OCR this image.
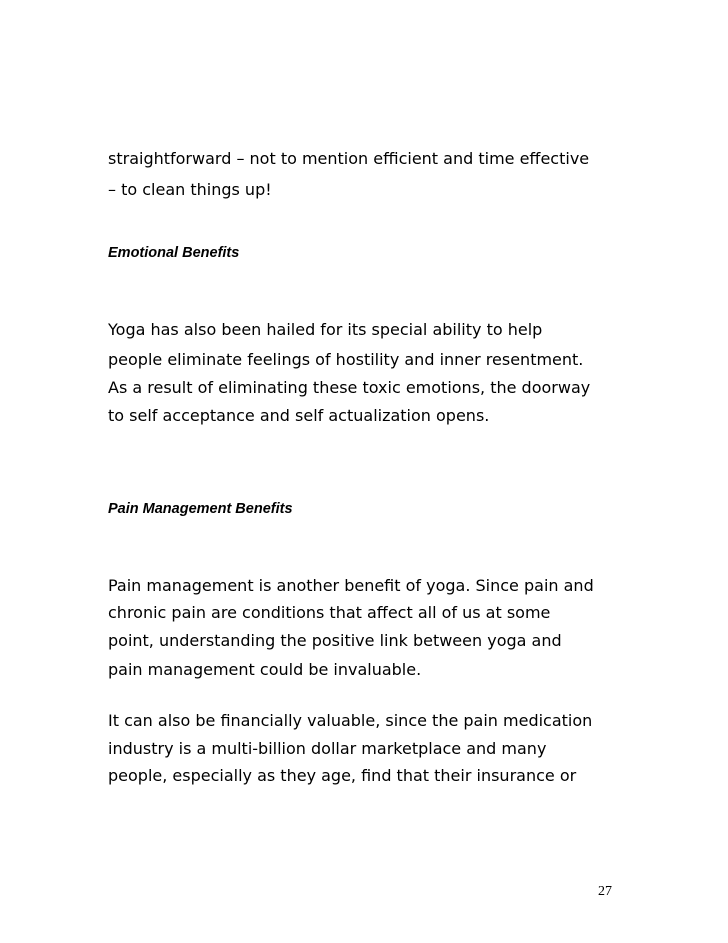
straightforward – not to mention efficient and time effective

– to clean things up!

Emotional Benefits

Yoga has also been hailed for its special ability to help

people eliminate feelings of hostility and inner resentment.

As a result of eliminating these toxic emotions, the doorway

to self acceptance and self actualization opens.

Pain Management Benefits

Pain management is another benefit of yoga. Since pain and

chronic pain are conditions that affect all of us at some

point, understanding the positive link between yoga and

pain management could be invaluable.

It can also be financially valuable, since the pain medication

industry is a multi-billion dollar marketplace and many

people, especially as they age, find that their insurance or

27
